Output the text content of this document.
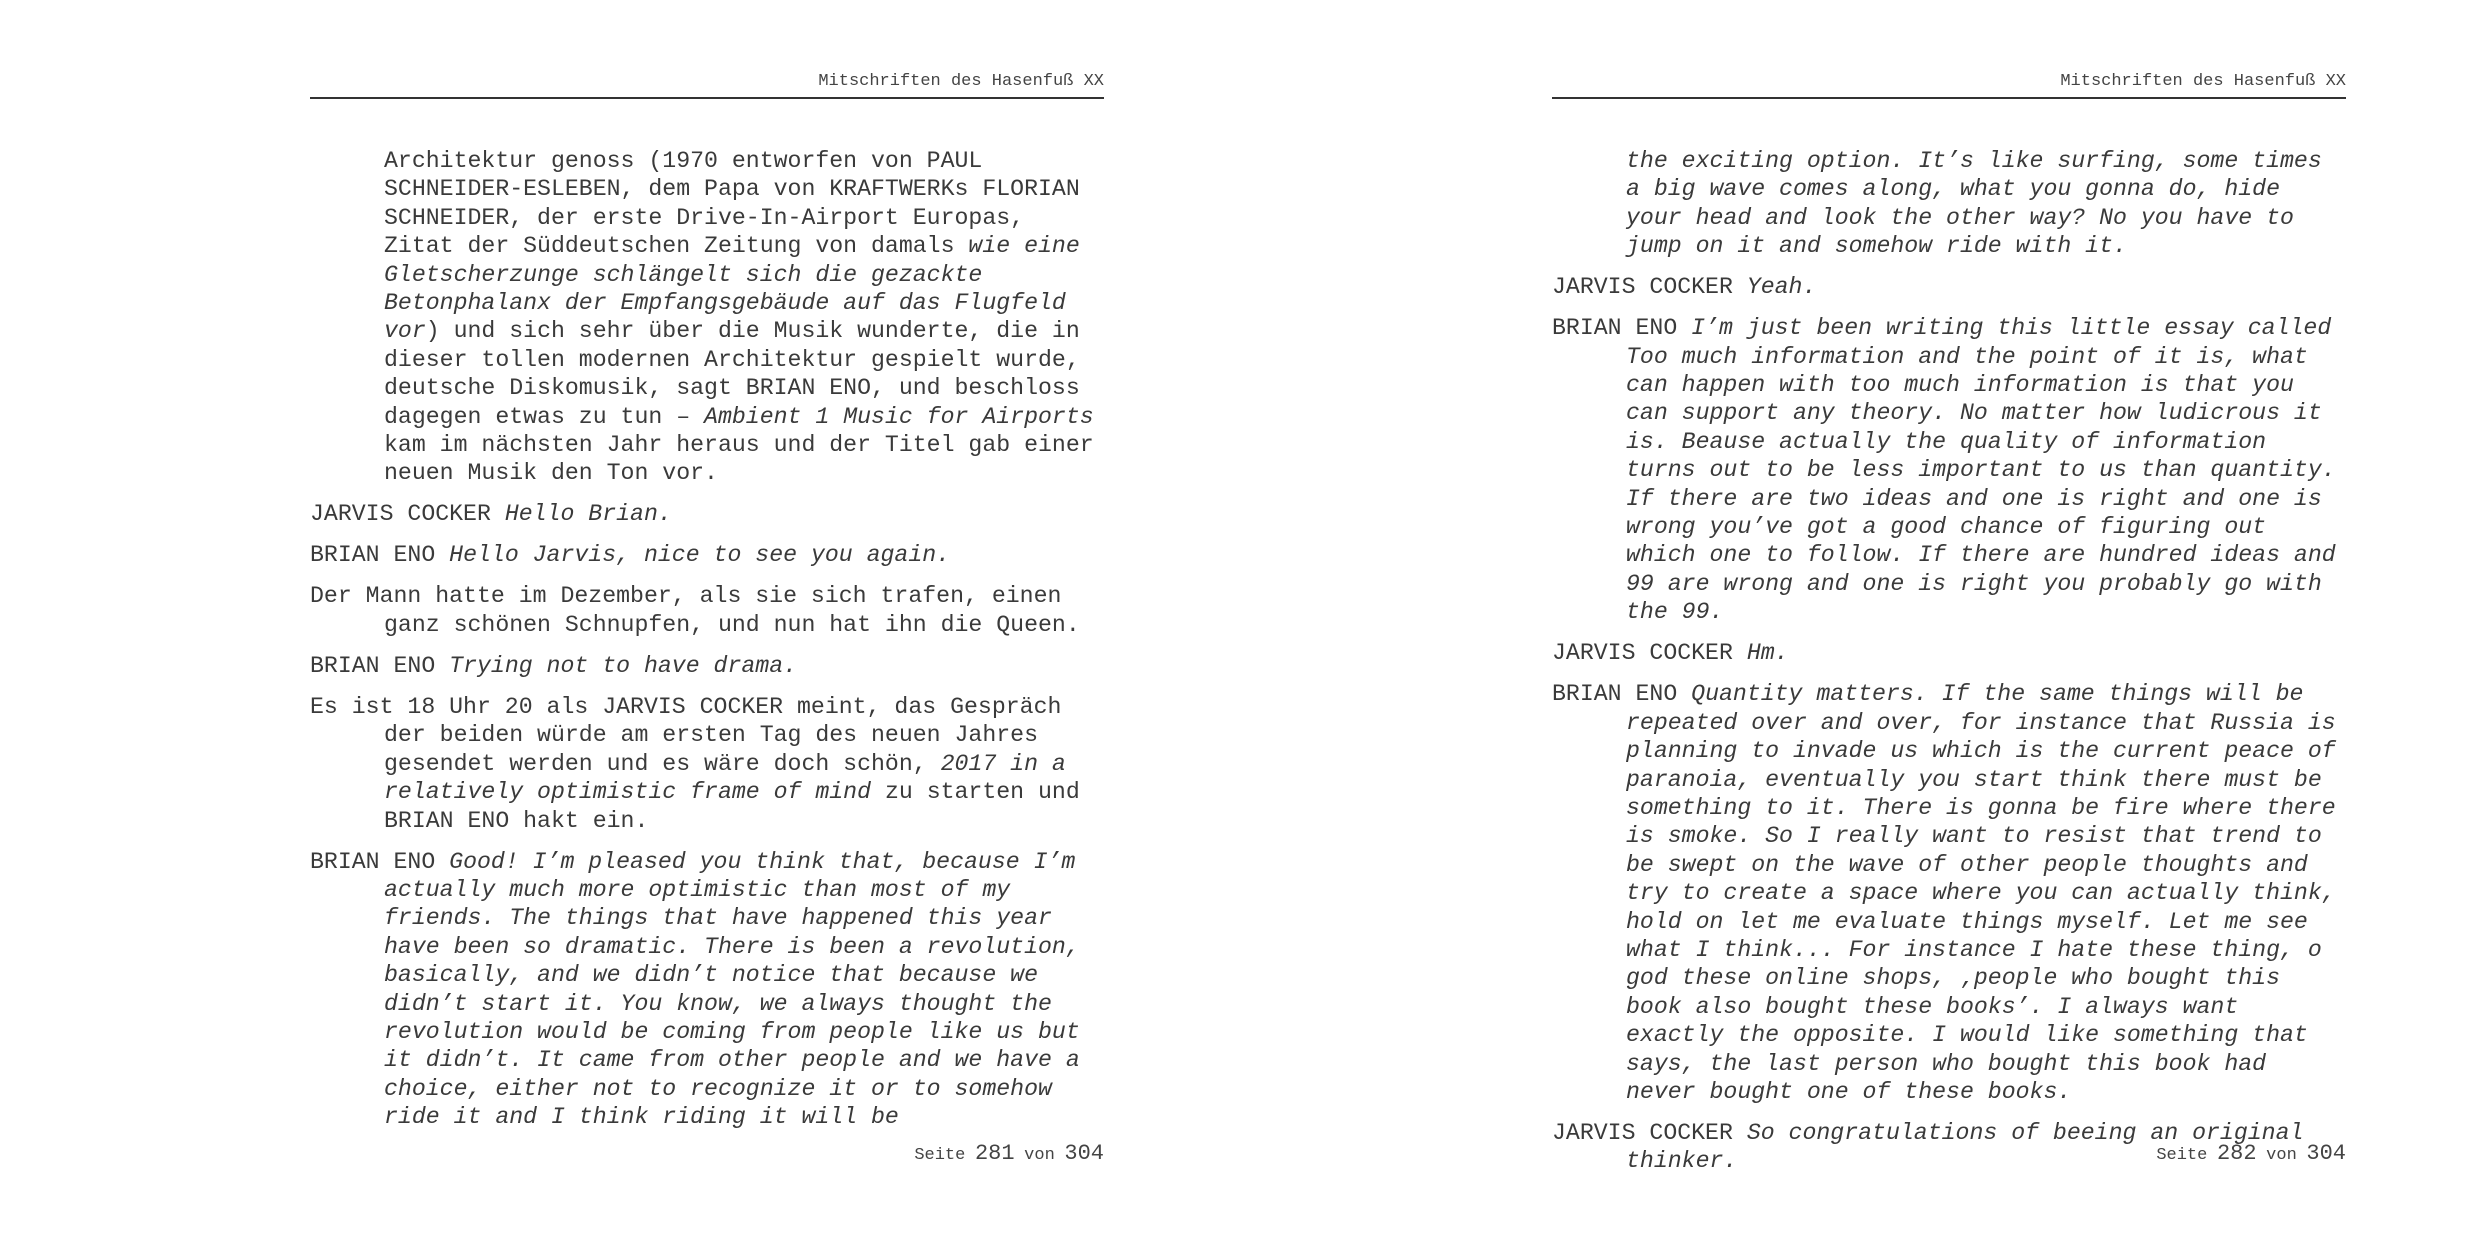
Mitschriften des Hasenfuß XX

Architektur genoss (1970 entworfen von PAUL SCHNEIDER-ESLEBEN, dem Papa von KRAFTWERKs FLORIAN SCHNEIDER, der erste Drive-In-Airport Europas, Zitat der Süddeutschen Zeitung von damals wie eine Gletscherzunge schlängelt sich die gezackte Betonphalanx der Empfangsgebäude auf das Flugfeld vor) und sich sehr über die Musik wunderte, die in dieser tollen modernen Architektur gespielt wurde, deutsche Diskomusik, sagt BRIAN ENO, und beschloss dagegen etwas zu tun – Ambient 1 Music for Airports kam im nächsten Jahr heraus und der Titel gab einer neuen Musik den Ton vor.

JARVIS COCKER Hello Brian.

BRIAN ENO Hello Jarvis, nice to see you again.

Der Mann hatte im Dezember, als sie sich trafen, einen ganz schönen Schnupfen, und nun hat ihn die Queen.

BRIAN ENO Trying not to have drama.

Es ist 18 Uhr 20 als JARVIS COCKER meint, das Gespräch der beiden würde am ersten Tag des neuen Jahres gesendet werden und es wäre doch schön, 2017 in a relatively optimistic frame of mind zu starten und BRIAN ENO hakt ein.

BRIAN ENO Good! I’m pleased you think that, because I’m actually much more optimistic than most of my friends. The things that have happened this year have been so dramatic. There is been a revolution, basically, and we didn’t notice that because we didn’t start it. You know, we always thought the revolution would be coming from people like us but it didn’t. It came from other people and we have a choice, either not to recognize it or to somehow ride it and I think riding it will be

Seite 281 von 304
Mitschriften des Hasenfuß XX

the exciting option. It’s like surfing, some times a big wave comes along, what you gonna do, hide your head and look the other way? No you have to jump on it and somehow ride with it.

JARVIS COCKER Yeah.

BRIAN ENO I’m just been writing this little essay called Too much information and the point of it is, what can happen with too much information is that you can support any theory. No matter how ludicrous it is. Beause actually the quality of information turns out to be less important to us than quantity. If there are two ideas and one is right and one is wrong you’ve got a good chance of figuring out which one to follow. If there are hundred ideas and 99 are wrong and one is right you probably go with the 99.

JARVIS COCKER Hm.

BRIAN ENO Quantity matters. If the same things will be repeated over and over, for instance that Russia is planning to invade us which is the current peace of paranoia, eventually you start think there must be something to it. There is gonna be fire where there is smoke. So I really want to resist that trend to be swept on the wave of other people thoughts and try to create a space where you can actually think, hold on let me evaluate things myself. Let me see what I think... For instance I hate these thing, o god these online shops, ‚people who bought this book also bought these books’. I always want exactly the opposite. I would like something that says, the last person who bought this book had never bought one of these books.

JARVIS COCKER So congratulations of beeing an original thinker.	Seite 282 von 304
